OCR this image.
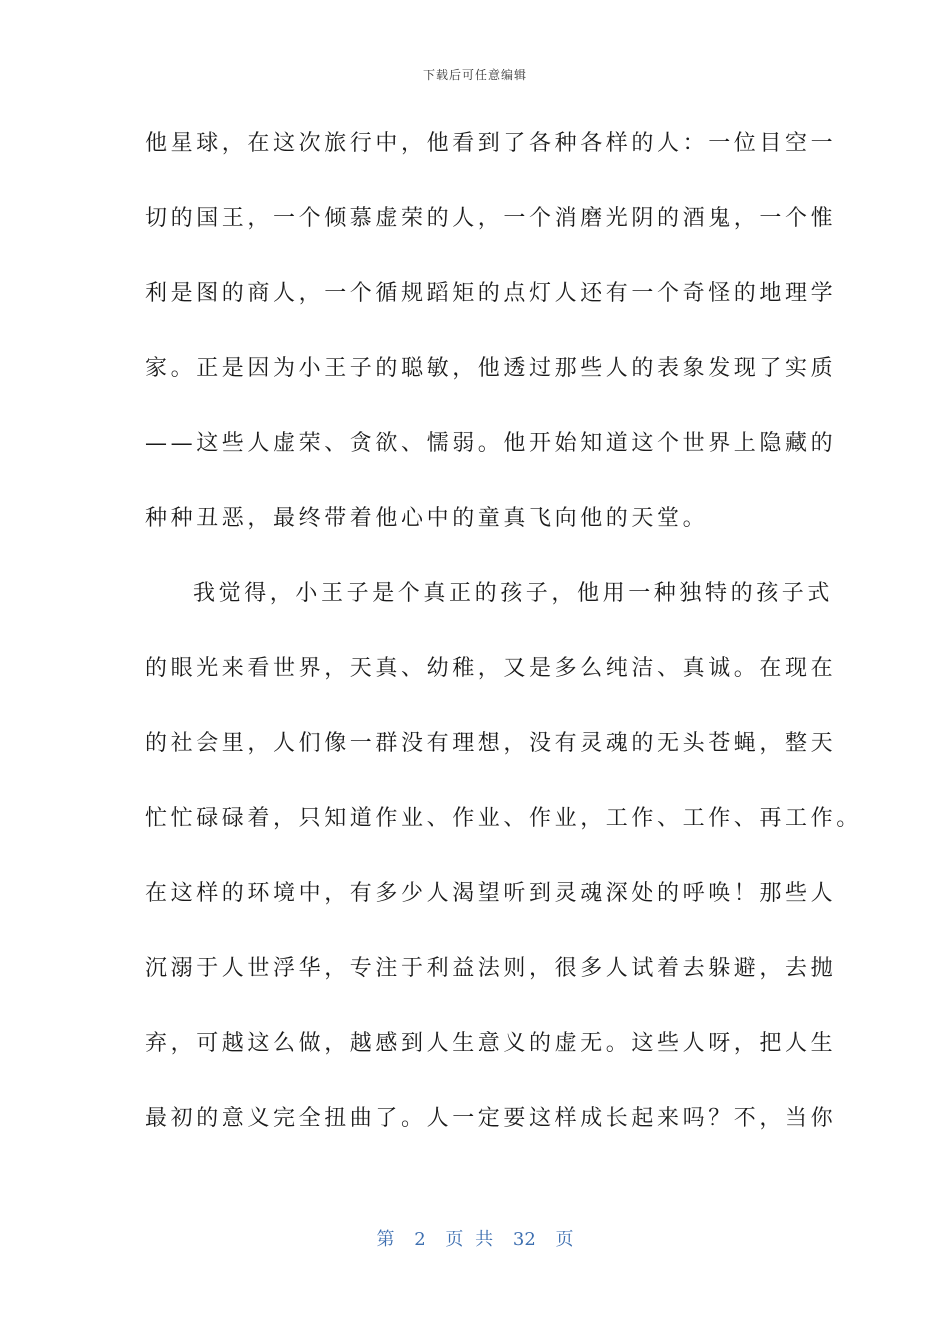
下载后可任意编辑
他星球，在这次旅行中，他看到了各种各样的人：一位目空一
切的国王，一个倾慕虚荣的人，一个消磨光阴的酒鬼，一个惟
利是图的商人，一个循规蹈矩的点灯人还有一个奇怪的地理学
家。正是因为小王子的聪敏，他透过那些人的表象发现了实质
——这些人虚荣、贪欲、懦弱。他开始知道这个世界上隐藏的
种种丑恶，最终带着他心中的童真飞向他的天堂。
我觉得，小王子是个真正的孩子，他用一种独特的孩子式
的眼光来看世界，天真、幼稚，又是多么纯洁、真诚。在现在
的社会里，人们像一群没有理想，没有灵魂的无头苍蝇，整天
忙忙碌碌着，只知道作业、作业、作业，工作、工作、再工作。
在这样的环境中，有多少人渴望听到灵魂深处的呼唤！那些人
沉溺于人世浮华，专注于利益法则，很多人试着去躲避，去抛
弃，可越这么做，越感到人生意义的虚无。这些人呀，把人生
最初的意义完全扭曲了。人一定要这样成长起来吗？不，当你
第 2 页 共 32 页
